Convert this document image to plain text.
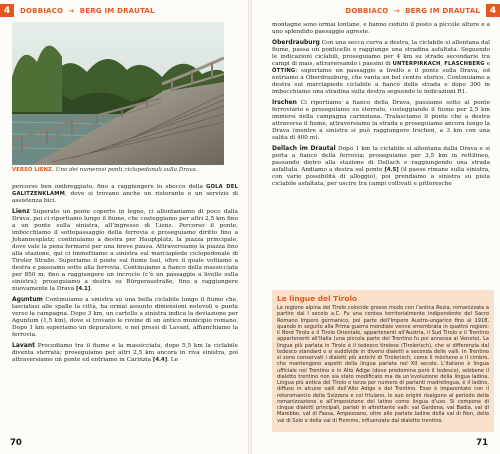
4	DOBBIACO  →  BERG IM DRAUTAL
VERSO LIENZ. Uno dei numerosi ponti ciclopedonali sulla Drava.

percorso ben ombreggiato, fino a raggiungere lo sbocco della GOLA DEL GALITZENKLAMM, dove si trovano anche un ristorante e un servizio di assistenza bici.

Lienz Superato un ponte coperto in legno, ci allontaniamo di poco dalla Drava, poi ci riportiamo lungo il fiume, che costeggiamo per altri 2,5 km fino a un ponte sulla sinistra, all’ingresso di Lienz. Percorso il ponte, imbocchiamo il sottopassaggio della ferrovia e proseguiamo diritto fino a Johannesplatz; continuiamo a destra per Hauptplatz, la piazza principale, dove vale la pena fermarsi per una breve pausa. Attraversiamo la piazza fino alla stazione, qui ci immettiamo a sinistra sul marciapiede ciclopedonale di Tiroler Straße. Superiamo il ponte sul fiume Isel, oltre il quale voltiamo a destra e passiamo sotto alla ferrovia. Continuiamo a fianco della massicciata per 850 m, fino a raggiungere un incrocio (c’è un passaggio a livello sulla sinistra); proseguiamo a destra su Bürgeraustraße, fino a raggiungere nuovamente la Drava [4.1].

Aguntum Continuiamo a sinistra su una bella ciclabile lungo il fiume che, lasciatasi alle spalle la città, ha ormai assunto dimensioni notevoli e punta verso la campagna. Dopo 3 km, un cartello a sinistra indica la deviazione per Aguntum (1,5 km), dove si trovano le rovine di un antico municipio romano. Dopo 1 km superiamo un depuratore, e nei pressi di Lavant, affianchiamo la ferrovia.

Lavant Procediamo tra il fiume e la massicciata, dopo 5,5 km la ciclabile diventa sterrata; proseguiamo per altri 2,5 km ancora in riva sinistra, poi attraversiamo un ponte ed entriamo in Carinzia [4.4]. Le

70
DOBBIACO  →  BERG IM DRAUTAL	4

montagne sono ormai lontane, e hanno ceduto il posto a piccole alture e a uno splendido paesaggio agreste.

Oberdrauburg Con una secca curva a destra, la ciclabile si allontana dal fiume, passa un ponticello e raggiunge una stradina asfaltata. Seguendo le indicazioni ciclabili, proseguiamo per 4 km su strade secondarie tra campi di mais, attraversando i paesini di UNTERPIRKACH, FLASCHBERG e ÖTTING; superiamo un passaggio a livello e il ponte sulla Drava, ed entriamo a Oberdrauburg, che vanta un bel centro storico. Continuiamo a destra sul marciapiede ciclabile a fianco della strada e dopo 300 m imbocchiamo una stradina sulla destra seguendo le indicazioni R1.

Irschen Ci riportiamo a fianco della Drava, passiamo sotto al ponte ferroviario e proseguiamo su sterrato, costeggiando il fiume per 2,5 km immersi nella campagna carinziana. Tralasciamo il ponte che a destra attraversa il fiume, attraversiamo la strada e proseguiamo ancora lungo la Drava (mentre a sinistra si può raggiungere Irschen, a 3 km con una salita di 400 m).

Dellach im Drautal Dopo 1 km la ciclabile si allontana dalla Drava e si porta a fianco della ferrovia; proseguiamo per 3,5 km in rettilineo, passando dietro alla stazione di Dellach e raggiungendo una strada asfaltata. Andiamo a destra sul ponte [4.5] (il paese rimane sulla sinistra, con varie possibilità di alloggio), poi prendiamo a sinistra su pista ciclabile asfaltata, per uscire tra campi coltivati e pittoresche

Le lingue del Tirolo
La regione alpina del Tirolo coincide grosso modo con l’antica Rezia, romanizzata a partire dal I secolo a.C. Fu una contea territorialmente indipendente del Sacro Romano Impero germanico, poi parte dell’Impero Austro-ungarico fino al 1918, quando in seguito alla Prima guerra mondiale venne smembrata in quattro regioni: il Nord Tirolo e il Tirolo Orientale, appartenenti all’Austria, il Sud Tirolo e il Trentino appartenenti all’Italia (una piccola parte del Trentino fu poi annessa al Veneto). La lingua più parlata in Tirolo è il tedesco tirolese (Tirolerisch), che si differenzia dal tedesco standard e si suddivide in diversi dialetti a seconda delle valli. In Trentino si sono conservati i dialetti più antichi di Tirolerisch, come il mòcheno e il cimbro, che mantengono aspetti della lingua parlata nel XII secolo. L’italiano è lingua ufficiale nel Trentino e in Alto Adige (dove predomina però il tedesco), sebbene il dialetto trentino non sia stato modificato ma da un’evoluzione della lingua ladina. Lingua più antica del Tirolo e terza per numero di parlanti madrelingua, è il ladino, diffuso in alcune valli dell’Alto Adige e del Trentino. Esso è imparentato con il retoromancio della Svizzera e col friulano, le sue origini risalgono al periodo della romanizzazione e all’imposizione del latino come lingua d’uso. Si compone di cinque dialetti principali, parlati in altrettante valli: val Gardena, val Badia, val di Marebbe, val di Fassa, Ampezzano, oltre alle parlate ladine della val di Non, della val di Sole e della val di Fiemme, influenzate dal dialetto trentino.
71
